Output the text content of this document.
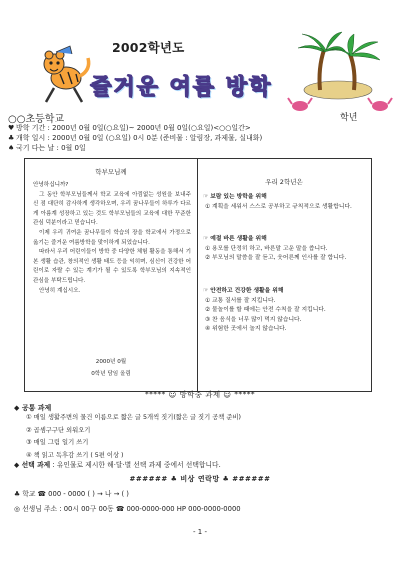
2002학년도
즐거운 여름 방학
○○초등학교	학년
♥ 방학 기간 : 2000년 0월 0일(○요일)~ 2000년 0월 0일(○요일)<○○일간>
♣ 개학 일시 : 2000년 0월 0일 (○요일) 0시 0분 (준비물 : 알림장, 과제물, 실내화)
♠ 국기 다는 날 : 0월 0일
학부모님께

안녕하십니까?

그 동안 학부모님들께서 학교 교육에 아낌없는 성원을 보내주신 점 대단히 감사하게 생각하오며, 우리 꿈나무들이 하루가 다르게 아름계 성장하고 있는 것도 학부모님들의 교육에 대한 꾸준한 관심 덕분이라고 믿습니다.

이제 우리 귀여운 꿈나무들이 학습의 장을 학교에서 가정으로 옮기는 즐거운 여름방학을 맞이하게 되었습니다.

따라서 우리 어린이들이 방학 중 다양한 체험 활동을 통해서 기본 생활 습관, 창의적인 생활 태도 등을 익히며, 심신이 건강한 어린이로 자랄 수 있는 계기가 될 수 있도록 학부모님의 지속적인 관심을 부탁드립니다.

안녕히 계십시오.

2000년 0월
0학년 담임 올림
우리 2학년은
☞ 보람 있는 방학을 위해
① 계획을 세워서 스스로 공부하고 규칙적으로 생활합니다.
☞ 예절 바른 생활을 위해
① 용모를 단정히 하고, 바른말 고운 말을 씁니다.
② 부모님의 말씀을 잘 듣고, 웃어른께 인사를 잘 합니다.
☞ 안전하고 건강한 생활을 위해
① 교통 질서를 잘 지킵니다.
② 물놀이를 할 때에는 안전 수칙을 잘 지킵니다.
③ 찬 음식을 너무 많이 먹지 않습니다.
④ 위험한 곳에서 놀지 않습니다.
***** ☺ 방학중 과제 ☺ *****
◆ 공통 과제
① 매일 생활주변의 물건 이름으로 짧은 글 5개씩 짓기(짧은 글 짓기 공책 준비)
② 곱셈구구단 외워오기
③ 매일 그림 일기 쓰기
④ 책 읽고 독후감 쓰기 ( 5편 이상 )
◆ 선택 과제 : 유인물로 제시한 해·달·별 선택 과제 중에서 선택합니다.
###### ♣ 비상 연락망 ♣ ######
♣ 학교 ☎ 000 - 0000 ( ) → 나 → ( )
◎ 선생님 주소 : 00시 00구 00동 ☎ 000-0000-000 HP 000-0000-0000
- 1 -
